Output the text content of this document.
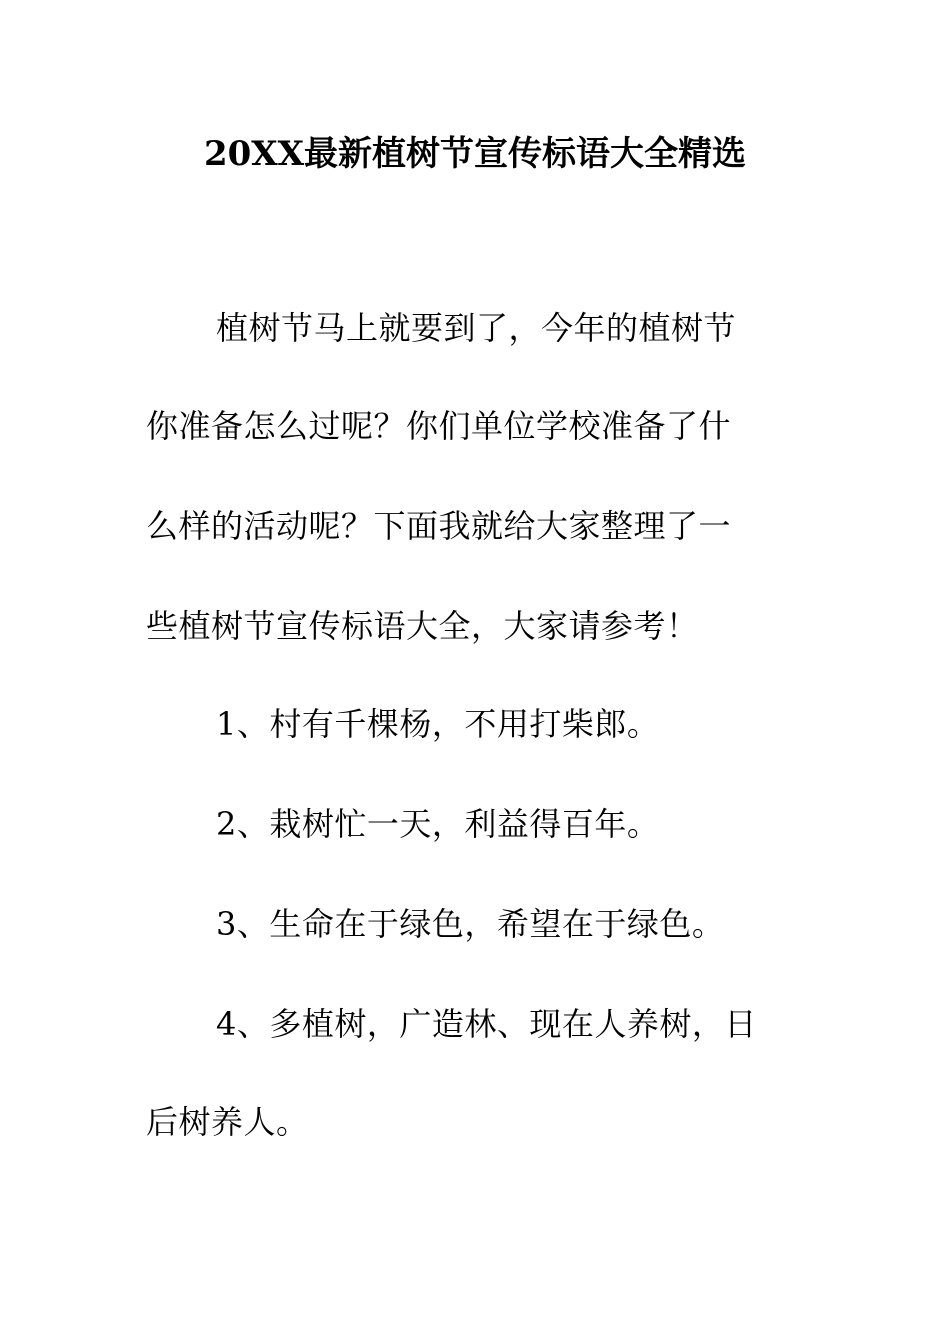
20XX最新植树节宣传标语大全精选
植树节马上就要到了，今年的植树节
你准备怎么过呢？你们单位学校准备了什
么样的活动呢？下面我就给大家整理了一
些植树节宣传标语大全，大家请参考！
1、村有千棵杨，不用打柴郎。
2、栽树忙一天，利益得百年。
3、生命在于绿色，希望在于绿色。
4、多植树，广造林、现在人养树，日
后树养人。
